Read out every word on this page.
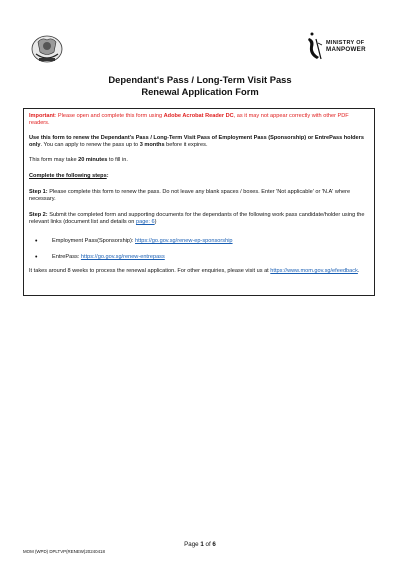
MINISTRY OF
MANPOWER
Dependant's Pass / Long-Term Visit Pass
Renewal Application Form
Important: Please open and complete this form using Adobe Acrobat Reader DC, as it may not appear correctly with other PDF readers.
Use this form to renew the Dependant's Pass / Long-Term Visit Pass of Employment Pass (Sponsorship) or EntrePass holders only. You can apply to renew the pass up to 3 months before it expires.
This form may take 20 minutes to fill in.
Complete the following steps:
Step 1: Please complete this form to renew the pass. Do not leave any blank spaces / boxes. Enter 'Not applicable' or 'N.A' where necessary.
Step 2: Submit the completed form and supporting documents for the dependants of the following work pass candidate/holder using the relevant links (document list and details on page: 6)
•	Employment Pass(Sponsorship): https://go.gov.sg/renew-ep-sponsorship
•	EntrePass: https://go.gov.sg/renew-entrepass
It takes around 8 weeks to process the renewal application. For other enquiries, please visit us at https://www.mom.gov.sg/efeedback.
Page 1 of 6
MOM (WPD) DPLTVP(RENEW)20240418
